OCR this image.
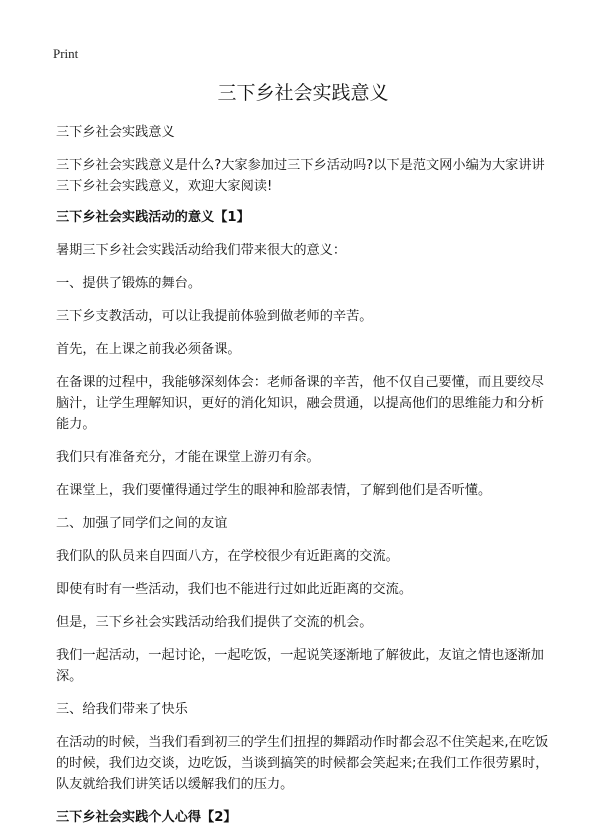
Print
三下乡社会实践意义

三下乡社会实践意义

三下乡社会实践意义是什么?大家参加过三下乡活动吗?以下是范文网小编为大家讲讲三下乡社会实践意义，欢迎大家阅读!

三下乡社会实践活动的意义【1】

暑期三下乡社会实践活动给我们带来很大的意义：

一、提供了锻炼的舞台。

三下乡支教活动，可以让我提前体验到做老师的辛苦。

首先，在上课之前我必须备课。

在备课的过程中，我能够深刻体会：老师备课的辛苦，他不仅自己要懂，而且要绞尽脑汁，让学生理解知识，更好的消化知识，融会贯通，以提高他们的思维能力和分析能力。

我们只有准备充分，才能在课堂上游刃有余。

在课堂上，我们要懂得通过学生的眼神和脸部表情，了解到他们是否听懂。

二、加强了同学们之间的友谊

我们队的队员来自四面八方，在学校很少有近距离的交流。

即使有时有一些活动，我们也不能进行过如此近距离的交流。

但是，三下乡社会实践活动给我们提供了交流的机会。

我们一起活动，一起讨论，一起吃饭，一起说笑逐渐地了解彼此，友谊之情也逐渐加深。

三、给我们带来了快乐

在活动的时候，当我们看到初三的学生们扭捏的舞蹈动作时都会忍不住笑起来,在吃饭的时候，我们边交谈，边吃饭，当谈到搞笑的时候都会笑起来;在我们工作很劳累时，队友就给我们讲笑话以缓解我们的压力。

三下乡社会实践个人心得【2】
